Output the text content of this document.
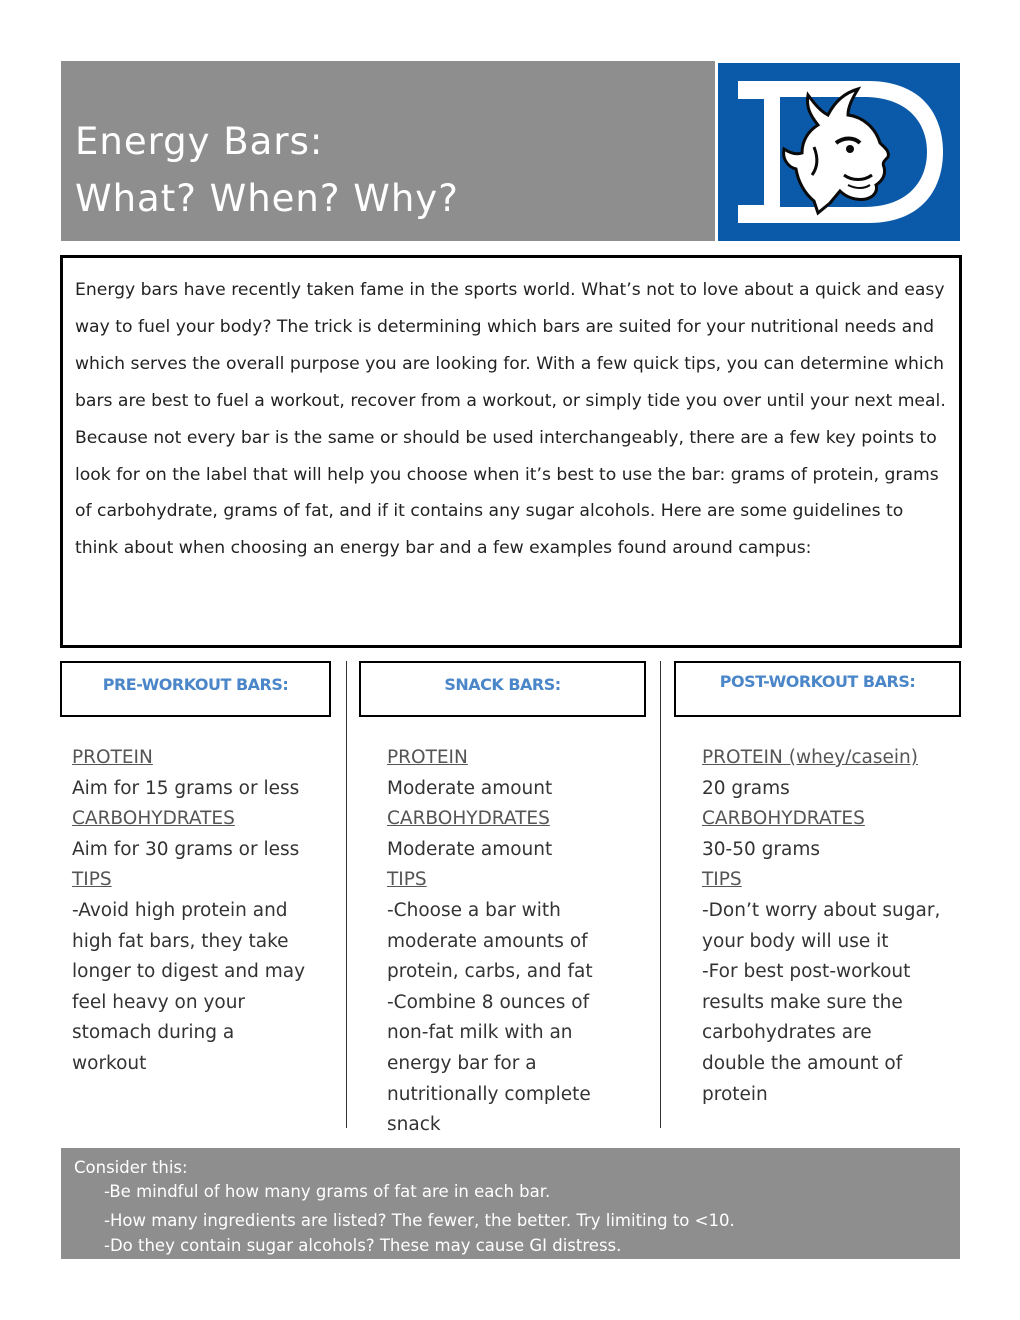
Energy Bars:
What? When? Why?

Energy bars have recently taken fame in the sports world. What’s not to love about a quick and easy way to fuel your body? The trick is determining which bars are suited for your nutritional needs and which serves the overall purpose you are looking for. With a few quick tips, you can determine which bars are best to fuel a workout, recover from a workout, or simply tide you over until your next meal. Because not every bar is the same or should be used interchangeably, there are a few key points to look for on the label that will help you choose when it’s best to use the bar: grams of protein, grams of carbohydrate, grams of fat, and if it contains any sugar alcohols. Here are some guidelines to think about when choosing an energy bar and a few examples found around campus:

PRE-WORKOUT BARS:	SNACK BARS:	POST-WORKOUT BARS:
PROTEIN
Aim for 15 grams or less
CARBOHYDRATES
Aim for 30 grams or less
TIPS
-Avoid high protein and
high fat bars, they take
longer to digest and may
feel heavy on your
stomach during a
workout
PROTEIN
Moderate amount
CARBOHYDRATES
Moderate amount
TIPS
-Choose a bar with
moderate amounts of
protein, carbs, and fat
-Combine 8 ounces of
non-fat milk with an
energy bar for a
nutritionally complete
snack
PROTEIN (whey/casein)
20 grams
CARBOHYDRATES
30-50 grams
TIPS
-Don’t worry about sugar,
your body will use it
-For best post-workout
results make sure the
carbohydrates are
double the amount of
protein
Consider this:
-Be mindful of how many grams of fat are in each bar.
-How many ingredients are listed? The fewer, the better. Try limiting to <10.
-Do they contain sugar alcohols? These may cause GI distress.
